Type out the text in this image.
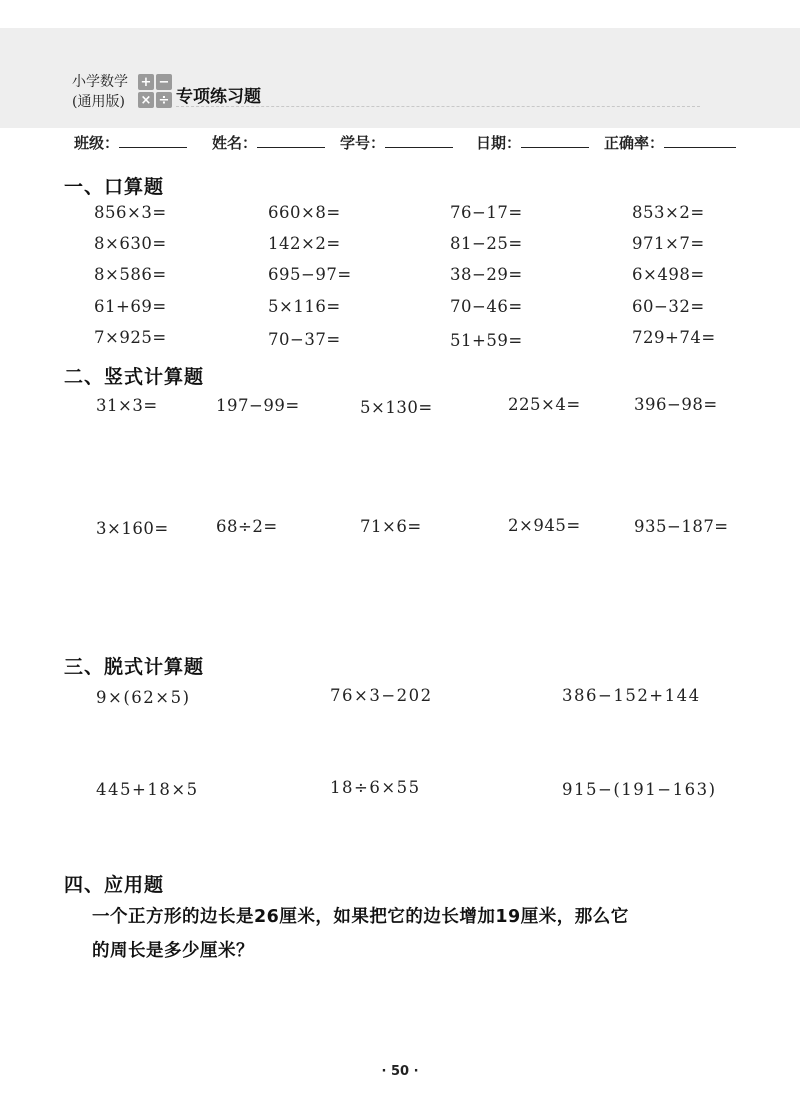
小学数学
(通用版)
+ −
× ÷ 专项练习题
班级：	姓名：	学号：	日期：	正确率：
一、口算题
856×3=	660×8=	76−17=	853×2=
8×630=	142×2=	81−25=	971×7=
8×586=	695−97=	38−29=	6×498=
61+69=	5×116=	70−46=	60−32=
7×925=	70−37=	51+59=	729+74=
二、竖式计算题
31×3=	197−99=	5×130=	225×4=	396−98=
3×160=	68÷2=	71×6=	2×945=	935−187=
三、脱式计算题
9×(62×5)	76×3−202	386−152+144
445+18×5	18÷6×55	915−(191−163)
四、应用题
一个正方形的边长是26厘米，如果把它的边长增加19厘米，那么它
的周长是多少厘米？
· 50 ·
